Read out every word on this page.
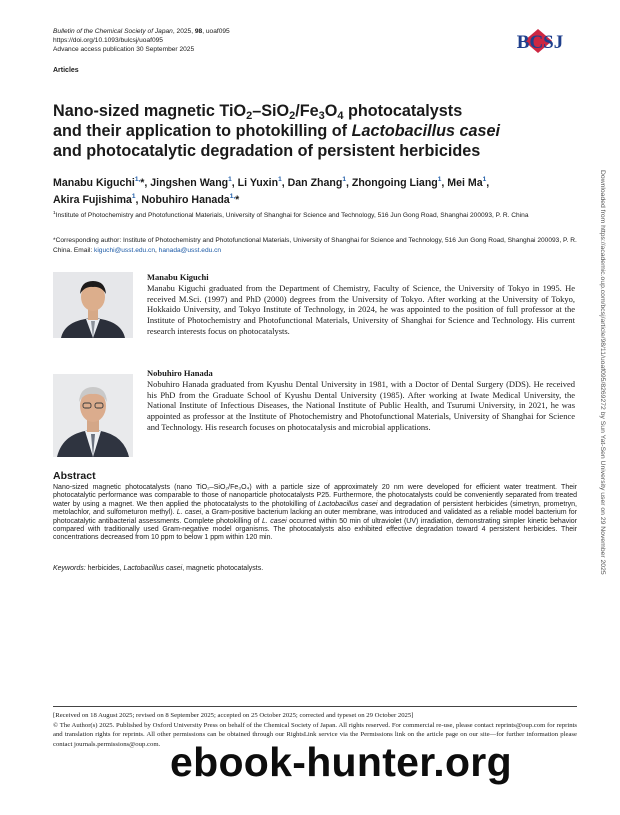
Bulletin of the Chemical Society of Japan, 2025, 98, uoaf095
https://doi.org/10.1093/bulcsj/uoaf095
Advance access publication 30 September 2025
Articles
BCSJ
Nano-sized magnetic $TiO_2-SiO_2/Fe_3O_4$ photocatalysts
and their application to photokilling of Lactobacillus casei
and photocatalytic degradation of persistent herbicides
Manabu Kiguchi$^{1,}$*, Jingshen Wang$^1$, Li Yuxin$^1$, Dan Zhang$^1$, Zhongoing Liang$^1$, Mei Ma$^1$,
Akira Fujishima$^1$, Nobuhiro Hanada$^{1,}$*
$^1$Institute of Photochemistry and Photofunctional Materials, University of Shanghai for Science and Technology, 516 Jun Gong Road, Shanghai 200093, P. R. China
*Corresponding author: Institute of Photochemistry and Photofunctional Materials, University of Shanghai for Science and Technology, 516 Jun Gong Road, Shanghai 200093, P. R. China. Email: kiguchi@usst.edu.cn, hanada@usst.edu.cn
Manabu Kiguchi
Manabu Kiguchi graduated from the Department of Chemistry, Faculty of Science, the University of Tokyo in 1995. He received M.Sci. (1997) and PhD (2000) degrees from the University of Tokyo. After working at the University of Tokyo, Hokkaido University, and Tokyo Institute of Technology, in 2024, he was appointed to the position of full professor at the Institute of Photochemistry and Photofunctional Materials, University of Shanghai for Science and Technology. His current research interests focus on photocatalysts.
Nobuhiro Hanada
Nobuhiro Hanada graduated from Kyushu Dental University in 1981, with a Doctor of Dental Surgery (DDS). He received his PhD from the Graduate School of Kyushu Dental University (1985). After working at Iwate Medical University, the National Institute of Infectious Diseases, the National Institute of Public Health, and Tsurumi University, in 2021, he was appointed as professor at the Institute of Photochemistry and Photofunctional Materials, University of Shanghai for Science and Technology. His research focuses on photocatalysis and microbial applications.
Abstract
Nano-sized magnetic photocatalysts (nano TiO₂–SiO₂/Fe₃O₄) with a particle size of approximately 20 nm were developed for efficient water treatment. Their photocatalytic performance was comparable to those of nanoparticle photocatalysts P25. Furthermore, the photocatalysts could be conveniently separated from treated water by using a magnet. We then applied the photocatalysts to the photokilling of Lactobacillus casei and degradation of persistent herbicides (simetryn, prometryn, metolachlor, and sulfometuron methyl). L. casei, a Gram-positive bacterium lacking an outer membrane, was introduced and validated as a reliable model bacterium for photocatalytic antibacterial assessments. Complete photokilling of L. casei occurred within 50 min of ultraviolet (UV) irradiation, demonstrating simpler kinetic behavior compared with traditionally used Gram-negative model organisms. The photocatalysts also exhibited effective degradation toward 4 persistent herbicides. Their concentrations decreased from 10 ppm to below 1 ppm within 120 min.
Keywords: herbicides, Lactobacillus casei, magnetic photocatalysts.
[Received on 18 August 2025; revised on 8 September 2025; accepted on 25 October 2025; corrected and typeset on 29 October 2025]
© The Author(s) 2025. Published by Oxford University Press on behalf of the Chemical Society of Japan. All rights reserved. For commercial re-use, please contact reprints@oup.com for reprints and translation rights for reprints. All other permissions can be obtained through our RightsLink service via the Permissions link on the article page on our site—for further information please contact journals.permissions@oup.com.
Downloaded from https://academic.oup.com/bcsj/article/98/11/uoaf095/8269272 by Sun Yat-Sen University user on 29 November 2025
ebook-hunter.org
